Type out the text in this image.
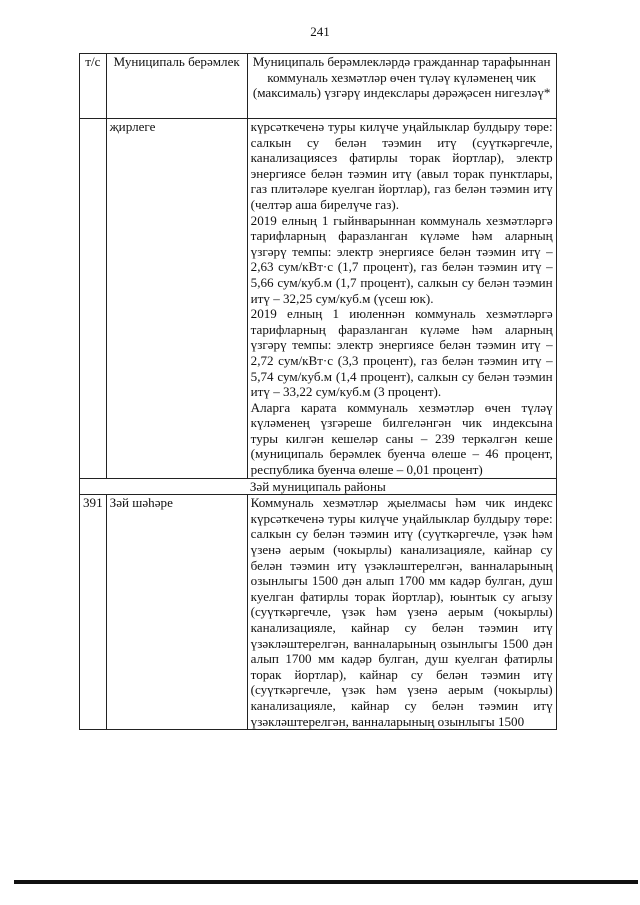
241
т/с	Муниципаль берәмлек	Муниципаль берәмлекләрдә гражданнар тарафыннан коммуналь хезмәтләр өчен түләү күләменең чик (максималь) үзгәрү индекслары дәрәҗәсен нигезләү*
	җирлеге	күрсәткеченә туры килүче уңайлыклар булдыру төре: салкын су белән тәэмин итү (суүткәргечле, канализациясез фатирлы торак йортлар), электр энергиясе белән тәэмин итү (авыл торак пунктлары, газ плитәләре куелган йортлар), газ белән тәэмин итү (челтәр аша бирелүче газ).

2019 елның 1 гыйнварыннан коммуналь хезмәтләргә тарифларның фаразланган күләме һәм аларның үзгәрү темпы: электр энергиясе белән тәэмин итү – 2,63 сум/кВт·с (1,7 процент), газ белән тәэмин итү – 5,66 сум/куб.м (1,7 процент), салкын су белән тәэмин итү – 32,25 сум/куб.м (үсеш юк).

2019 елның 1 июленнән коммуналь хезмәтләргә тарифларның фаразланган күләме һәм аларның үзгәрү темпы: электр энергиясе белән тәэмин итү – 2,72 сум/кВт·с (3,3 процент), газ белән тәэмин итү – 5,74 сум/куб.м (1,4 процент), салкын су белән тәэмин итү – 33,22 сум/куб.м (3 процент).

Аларга карата коммуналь хезмәтләр өчен түләү күләменең үзгәреше билгеләнгән чик индексына туры килгән кешеләр саны – 239 теркәлгән кеше (муниципаль берәмлек буенча өлеше – 46 процент, республика буенча өлеше – 0,01 процент)

Зәй муниципаль районы		
391	Зәй шәһәре	Коммуналь хезмәтләр җыелмасы һәм чик индекс күрсәткеченә туры килүче уңайлыклар булдыру төре: салкын су белән тәэмин итү (суүткәргечле, үзәк һәм үзенә аерым (чокырлы) канализацияле, кайнар су белән тәэмин итү үзәкләштерелгән, ванналарының озынлыгы 1500 дән алып 1700 мм кадәр булган, душ куелган фатирлы торак йортлар), юынтык су агызу (суүткәргечле, үзәк һәм үзенә аерым (чокырлы) канализацияле, кайнар су белән тәэмин итү үзәкләштерелгән, ванналарының озынлыгы 1500 дән алып 1700 мм кадәр булган, душ куелган фатирлы торак йортлар), кайнар су белән тәэмин итү (суүткәргечле, үзәк һәм үзенә аерым (чокырлы) канализацияле, кайнар су белән тәэмин итү үзәкләштерелгән, ванналарының озынлыгы 1500
